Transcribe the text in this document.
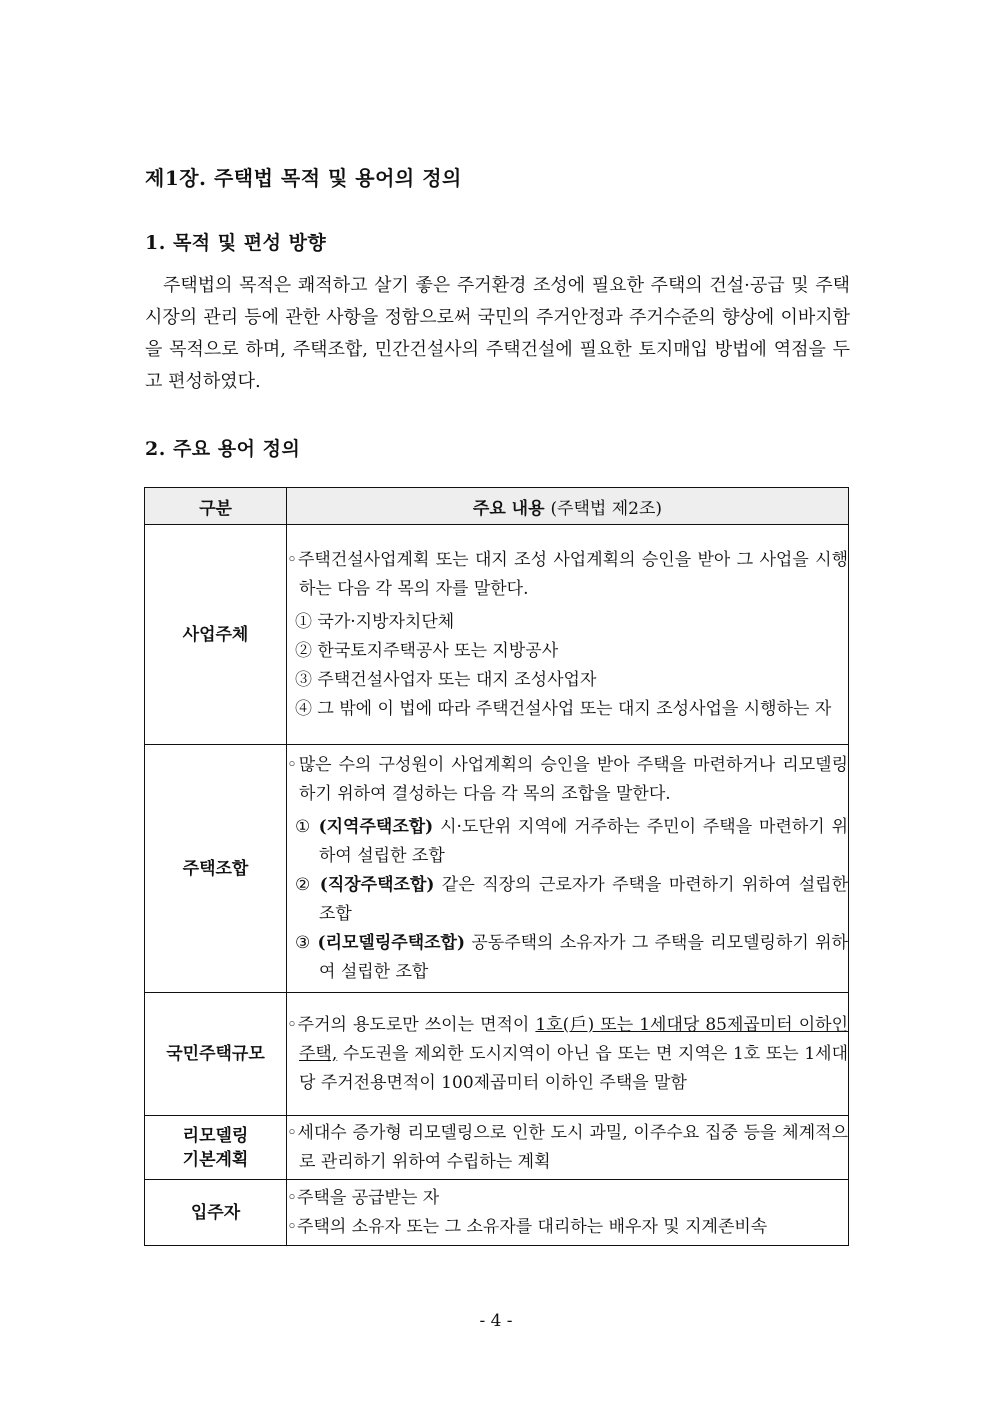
제1장. 주택법 목적 및 용어의 정의
1. 목적 및 편성 방향
주택법의 목적은 쾌적하고 살기 좋은 주거환경 조성에 필요한 주택의 건설·공급 및 주택시장의 관리 등에 관한 사항을 정함으로써 국민의 주거안정과 주거수준의 향상에 이바지함을 목적으로 하며, 주택조합, 민간건설사의 주택건설에 필요한 토지매입 방법에 역점을 두고 편성하였다.
2. 주요 용어 정의
구분	주요 내용 (주택법 제2조)
사업주체	◦주택건설사업계획 또는 대지 조성 사업계획의 승인을 받아 그 사업을 시행하는 다음 각 목의 자를 말한다.
① 국가·지방자치단체
② 한국토지주택공사 또는 지방공사
③ 주택건설사업자 또는 대지 조성사업자
④ 그 밖에 이 법에 따라 주택건설사업 또는 대지 조성사업을 시행하는 자

주택조합	◦많은 수의 구성원이 사업계획의 승인을 받아 주택을 마련하거나 리모델링하기 위하여 결성하는 다음 각 목의 조합을 말한다.
① (지역주택조합) 시·도단위 지역에 거주하는 주민이 주택을 마련하기 위하여 설립한 조합
② (직장주택조합) 같은 직장의 근로자가 주택을 마련하기 위하여 설립한 조합
③ (리모델링주택조합) 공동주택의 소유자가 그 주택을 리모델링하기 위하여 설립한 조합

국민주택규모	◦주거의 용도로만 쓰이는 면적이 1호(戶) 또는 1세대당 85제곱미터 이하인 주택, 수도권을 제외한 도시지역이 아닌 읍 또는 면 지역은 1호 또는 1세대당 주거전용면적이 100제곱미터 이하인 주택을 말함

리모델링
기본계획	◦세대수 증가형 리모델링으로 인한 도시 과밀, 이주수요 집중 등을 체계적으로 관리하기 위하여 수립하는 계획

입주자	◦주택을 공급받는 자
◦주택의 소유자 또는 그 소유자를 대리하는 배우자 및 지계존비속
- 4 -
